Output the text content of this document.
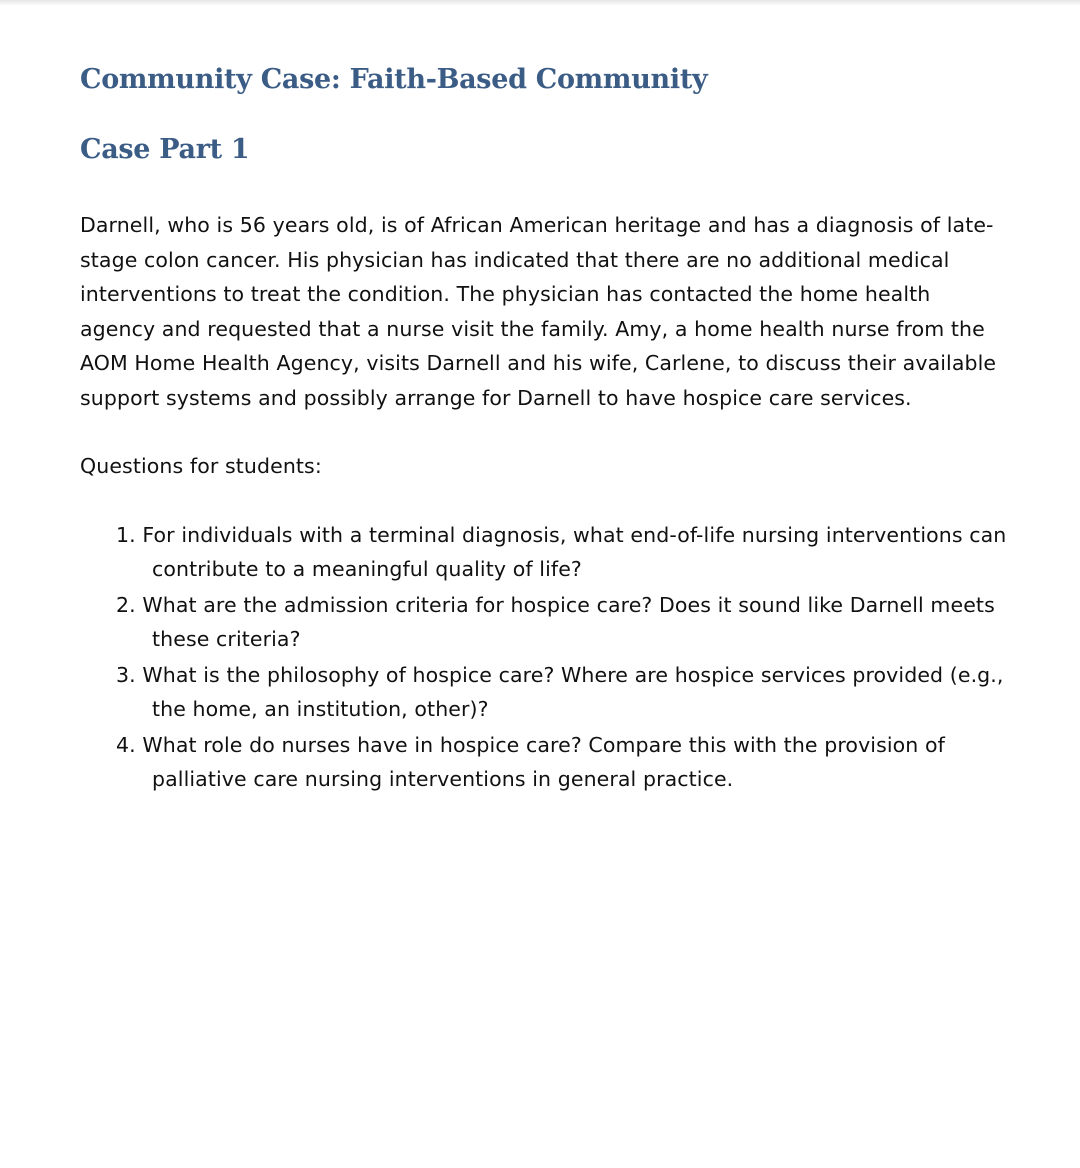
Community Case: Faith-Based Community
Case Part 1

Darnell, who is 56 years old, is of African American heritage and has a diagnosis of late-stage colon cancer. His physician has indicated that there are no additional medical interventions to treat the condition. The physician has contacted the home health agency and requested that a nurse visit the family. Amy, a home health nurse from the AOM Home Health Agency, visits Darnell and his wife, Carlene, to discuss their available support systems and possibly arrange for Darnell to have hospice care services.

Questions for students:

1. For individuals with a terminal diagnosis, what end-of-life nursing interventions can contribute to a meaningful quality of life?
2. What are the admission criteria for hospice care? Does it sound like Darnell meets these criteria?
3. What is the philosophy of hospice care? Where are hospice services provided (e.g., the home, an institution, other)?
4. What role do nurses have in hospice care? Compare this with the provision of palliative care nursing interventions in general practice.
